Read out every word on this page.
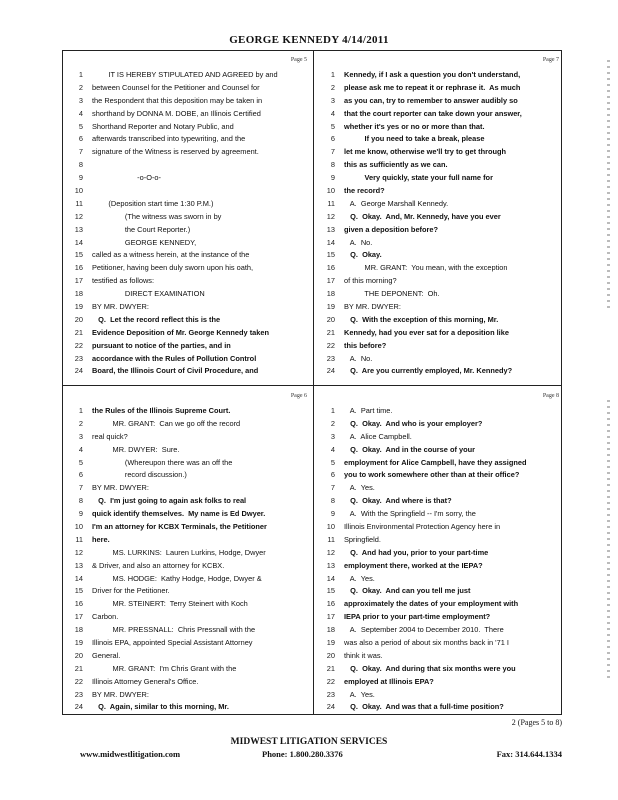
GEORGE KENNEDY 4/14/2011
Page 5
1	IT IS HEREBY STIPULATED AND AGREED by and
2	between Counsel for the Petitioner and Counsel for
3	the Respondent that this deposition may be taken in
4	shorthand by DONNA M. DOBE, an Illinois Certified
5	Shorthand Reporter and Notary Public, and
6	afterwards transcribed into typewriting, and the
7	signature of the Witness is reserved by agreement.
8
9	-o-O-o-
10
11	(Deposition start time 1:30 P.M.)
12	(The witness was sworn in by
13	the Court Reporter.)
14	GEORGE KENNEDY,
15	called as a witness herein, at the instance of the
16	Petitioner, having been duly sworn upon his oath,
17	testified as follows:
18	DIRECT EXAMINATION
19	BY MR. DWYER:
20	Q.  Let the record reflect this is the
21	Evidence Deposition of Mr. George Kennedy taken
22	pursuant to notice of the parties, and in
23	accordance with the Rules of Pollution Control
24	Board, the Illinois Court of Civil Procedure, and
Page 7
1	Kennedy, if I ask a question you don't understand,
2	please ask me to repeat it or rephrase it.  As much
3	as you can, try to remember to answer audibly so
4	that the court reporter can take down your answer,
5	whether it's yes or no or more than that.
6	If you need to take a break, please
7	let me know, otherwise we'll try to get through
8	this as sufficiently as we can.
9	Very quickly, state your full name for
10	the record?
11	A.  George Marshall Kennedy.
12	Q.  Okay.  And, Mr. Kennedy, have you ever
13	given a deposition before?
14	A.  No.
15	Q.  Okay.
16	MR. GRANT:  You mean, with the exception
17	of this morning?
18	THE DEPONENT:  Oh.
19	BY MR. DWYER:
20	Q.  With the exception of this morning, Mr.
21	Kennedy, had you ever sat for a deposition like
22	this before?
23	A.  No.
24	Q.  Are you currently employed, Mr. Kennedy?
Page 6
1	the Rules of the Illinois Supreme Court.
2	MR. GRANT:  Can we go off the record
3	real quick?
4	MR. DWYER:  Sure.
5	(Whereupon there was an off the
6	record discussion.)
7	BY MR. DWYER:
8	Q.  I'm just going to again ask folks to real
9	quick identify themselves.  My name is Ed Dwyer.
10	I'm an attorney for KCBX Terminals, the Petitioner
11	here.
12	MS. LURKINS:  Lauren Lurkins, Hodge, Dwyer
13	& Driver, and also an attorney for KCBX.
14	MS. HODGE:  Kathy Hodge, Hodge, Dwyer &
15	Driver for the Petitioner.
16	MR. STEINERT:  Terry Steinert with Koch
17	Carbon.
18	MR. PRESSNALL:  Chris Pressnall with the
19	Illinois EPA, appointed Special Assistant Attorney
20	General.
21	MR. GRANT:  I'm Chris Grant with the
22	Illinois Attorney General's Office.
23	BY MR. DWYER:
24	Q.  Again, similar to this morning, Mr.
Page 8
1	A.  Part time.
2	Q.  Okay.  And who is your employer?
3	A.  Alice Campbell.
4	Q.  Okay.  And in the course of your
5	employment for Alice Campbell, have they assigned
6	you to work somewhere other than at their office?
7	A.  Yes.
8	Q.  Okay.  And where is that?
9	A.  With the Springfield -- I'm sorry, the
10	Illinois Environmental Protection Agency here in
11	Springfield.
12	Q.  And had you, prior to your part-time
13	employment there, worked at the IEPA?
14	A.  Yes.
15	Q.  Okay.  And can you tell me just
16	approximately the dates of your employment with
17	IEPA prior to your part-time employment?
18	A.  September 2004 to December 2010.  There
19	was also a period of about six months back in '71 I
20	think it was.
21	Q.  Okay.  And during that six months were you
22	employed at Illinois EPA?
23	A.  Yes.
24	Q.  Okay.  And was that a full-time position?
2 (Pages 5 to 8)
MIDWEST LITIGATION SERVICES
www.midwestlitigation.com	Phone: 1.800.280.3376	Fax: 314.644.1334
